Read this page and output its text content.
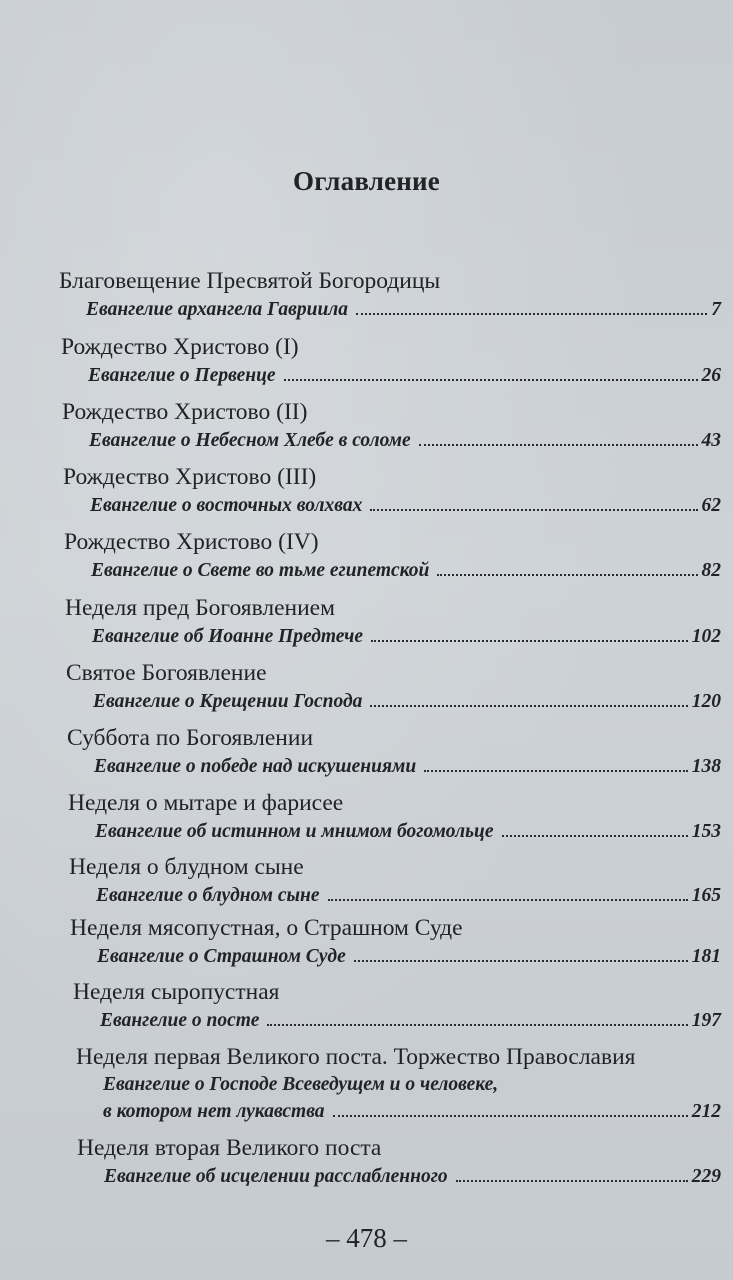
Оглавление
Благовещение Пресвятой Богородицы
Евангелие архангела Гавриила	7
Рождество Христово (I)
Евангелие о Первенце	26
Рождество Христово (II)
Евангелие о Небесном Хлебе в соломе	43
Рождество Христово (III)
Евангелие о восточных волхвах	62
Рождество Христово (IV)
Евангелие о Свете во тьме египетской	82
Неделя пред Богоявлением
Евангелие об Иоанне Предтече	102
Святое Богоявление
Евангелие о Крещении Господа	120
Суббота по Богоявлении
Евангелие о победе над искушениями	138
Неделя о мытаре и фарисее
Евангелие об истинном и мнимом богомольце	153
Неделя о блудном сыне
Евангелие о блудном сыне	165
Неделя мясопустная, о Страшном Суде
Евангелие о Страшном Суде	181
Неделя сыропустная
Евангелие о посте	197
Неделя первая Великого поста. Торжество Православия
Евангелие о Господе Всеведущем и о человеке,
в котором нет лукавства	212
Неделя вторая Великого поста
Евангелие об исцелении расслабленного	229
– 478 –
